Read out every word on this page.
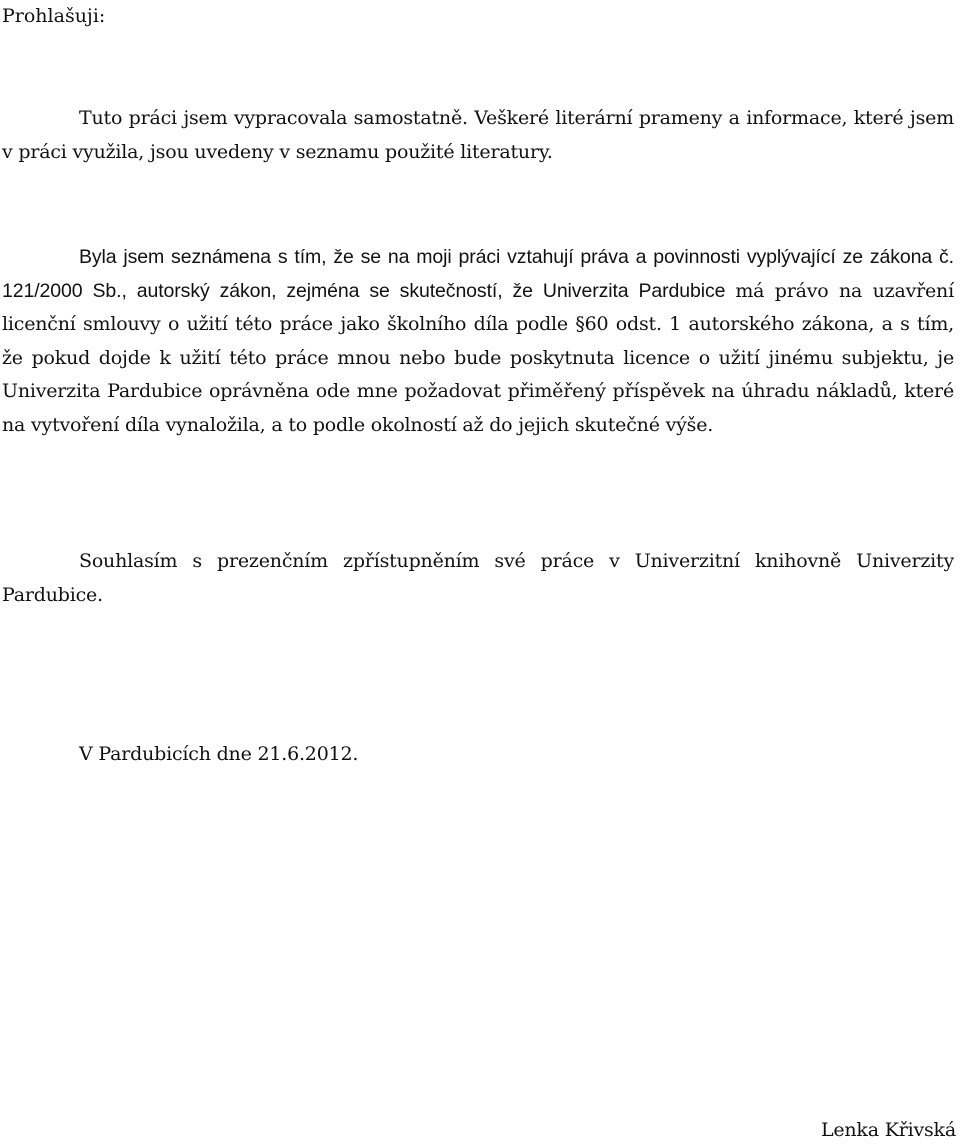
Prohlašuji:

Tuto práci jsem vypracovala samostatně. Veškeré literární prameny a informace, které jsem v práci využila, jsou uvedeny v seznamu použité literatury.

Byla jsem seznámena s tím, že se na moji práci vztahují práva a povinnosti vyplývající ze zákona č. 121/2000 Sb., autorský zákon, zejména se skutečností, že Univerzita Pardubice má právo na uzavření licenční smlouvy o užití této práce jako školního díla podle §60 odst. 1 autorského zákona, a s tím, že pokud dojde k užití této práce mnou nebo bude poskytnuta licence o užití jinému subjektu, je Univerzita Pardubice oprávněna ode mne požadovat přiměřený příspěvek na úhradu nákladů, které na vytvoření díla vynaložila, a to podle okolností až do jejich skutečné výše.

Souhlasím s prezenčním zpřístupněním své práce v Univerzitní knihovně Univerzity Pardubice.

V Pardubicích dne 21.6.2012.

Lenka Křivská
